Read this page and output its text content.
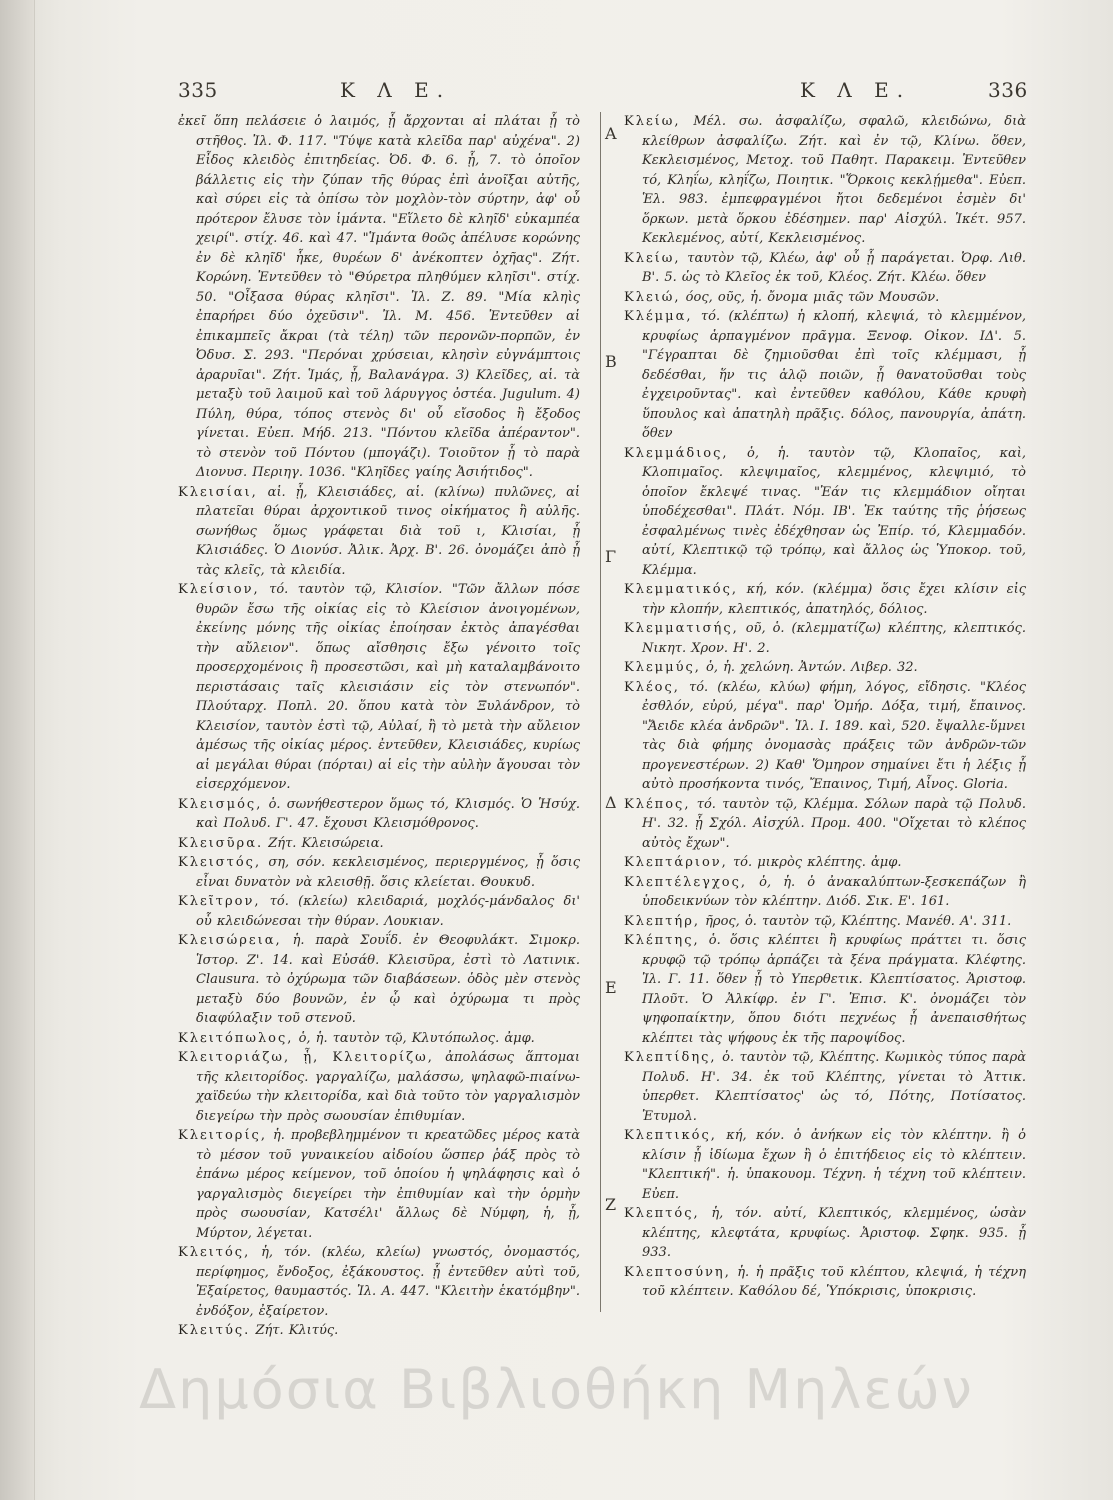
335	Κ Λ Ε.	Κ Λ Ε.	336

ἐκεῖ ὅπη πελάσειε ὁ λαιμός, ᾗ ἄρχονται αἱ πλάται ᾗ τὸ στῆθος. Ἰλ. Φ. 117. "Τύψε κατὰ κλεῖδα παρ' αὐχένα". 2) Εἶδος κλειδὸς ἐπιτηδείας. Ὀδ. Φ. 6. ᾗ, 7. τὸ ὁποῖον βάλλετις εἰς τὴν ζύπαν τῆς θύρας ἐπὶ ἀνοῖξαι αὐτῆς, καὶ σύρει εἰς τὰ ὀπίσω τὸν μοχλὸν-τὸν σύρτην, ἀφ' οὗ πρότερον ἔλυσε τὸν ἱμάντα. "Εἵλετο δὲ κληῖδ' εὐκαμπέα χειρί". στίχ. 46. καὶ 47. "Ἱμάντα θοῶς ἀπέλυσε κορώνης ἐν δὲ κληῖδ' ἧκε, θυρέων δ' ἀνέκοπτεν ὀχῆας". Ζήτ. Κορώνη. Ἐντεῦθεν τὸ "Θύρετρα πληθύμεν κληῖσι". στίχ. 50. "Οἶξασα θύρας κληῖσι". Ἰλ. Ζ. 89. "Μία κληὶς ἐπαρήρει δύο ὀχεῦσιν". Ἰλ. Μ. 456. Ἐντεῦθεν αἱ ἐπικαμπεῖς ἄκραι (τὰ τέλη) τῶν περονῶν-πορπῶν, ἐν Ὀδυσ. Σ. 293. "Περόναι χρύσειαι, κλησὶν εὐγνάμπτοις ἀραρυῖαι". Ζήτ. Ἱμάς, ᾗ, Βαλανάγρα. 3) Κλεῖδες, αἱ. τὰ μεταξὺ τοῦ λαιμοῦ καὶ τοῦ λάρυγγος ὀστέα. Jugulum. 4) Πύλη, θύρα, τόπος στενὸς δι' οὗ εἴσοδος ἢ ἔξοδος γίνεται. Εὐεπ. Μήδ. 213. "Πόντου κλεῖδα ἀπέραντον". τὸ στενὸν τοῦ Πόντου (μπογάζι). Τοιοῦτον ᾗ τὸ παρὰ Διονυσ. Περιηγ. 1036. "Κληῖδες γαίης Ἀσιήτιδος".

Κλεισίαι, αἱ. ᾗ, Κλεισιάδες, αἱ. (κλίνω) πυλῶνες, αἱ πλατεῖαι θύραι ἀρχοντικοῦ τινος οἰκήματος ἢ αὐλῆς. σωνήθως ὅμως γράφεται διὰ τοῦ ι, Κλισίαι, ᾗ Κλισιάδες. Ὁ Διονύσ. Ἀλικ. Ἀρχ. Β'. 26. ὀνομάζει ἀπὸ ᾗ τὰς κλεῖς, τὰ κλειδία.

Κλείσιον, τό. ταυτὸν τῷ, Κλισίον. "Τῶν ἄλλων πόσε θυρῶν ἔσω τῆς οἰκίας εἰς τὸ Κλείσιον ἀνοιγομένων, ἐκείνης μόνης τῆς οἰκίας ἐποίησαν ἐκτὸς ἀπαγέσθαι τὴν αὔλειον". ὅπως αἴσθησις ἔξω γένοιτο τοῖς προσερχομένοις ἢ προσεστῶσι, καὶ μὴ καταλαμβάνοιτο περιστάσαις ταῖς κλεισιάσιν εἰς τὸν στενωπόν". Πλούταρχ. Ποπλ. 20. ὅπου κατὰ τὸν Ξυλάνδρον, τὸ Κλεισίον, ταυτὸν ἐστὶ τῷ, Αὐλαί, ἢ τὸ μετὰ τὴν αὔλειον ἀμέσως τῆς οἰκίας μέρος. ἐντεῦθεν, Κλεισιάδες, κυρίως αἱ μεγάλαι θύραι (πόρται) αἱ εἰς τὴν αὐλὴν ἄγουσαι τὸν εἰσερχόμενον.

Κλεισμός, ὁ. σωνήθεστερον ὅμως τό, Κλισμός. Ὁ Ἡσύχ. καὶ Πολυδ. Γ'. 47. ἔχουσι Κλεισμόθρονος.

Κλεισῦρα. Ζήτ. Κλεισώρεια.

Κλειστός, ση, σόν. κεκλεισμένος, περιεργμένος, ᾗ ὅσις εἶναι δυνατὸν νὰ κλεισθῇ. ὅσις κλείεται. Θουκυδ.

Κλεῖτρον, τό. (κλείω) κλειδαριά, μοχλός-μάνδαλος δι' οὗ κλειδώνεσαι τὴν θύραν. Λουκιαν.

Κλεισώρεια, ἡ. παρὰ Σουΐδ. ἐν Θεοφυλάκτ. Σιμοκρ. Ἱστορ. Ζ'. 14. καὶ Εὐσάθ. Κλεισῦρα, ἐστὶ τὸ Λατινικ. Clausura. τὸ ὀχύρωμα τῶν διαβάσεων. ὁδὸς μὲν στενὸς μεταξὺ δύο βουνῶν, ἐν ᾧ καὶ ὀχύρωμα τι πρὸς διαφύλαξιν τοῦ στενοῦ.

Κλειτόπωλος, ὁ, ἡ. ταυτὸν τῷ, Κλυτόπωλος. ἀμφ.

Κλειτοριάζω, ᾗ, Κλειτορίζω, ἀπολάσως ἅπτομαι τῆς κλειτορίδος. γαργαλίζω, μαλάσσω, ψηλαφῶ-πιαίνω-χαϊδεύω τὴν κλειτορίδα, καὶ διὰ τοῦτο τὸν γαργαλισμὸν διεγείρω τὴν πρὸς σωουσίαν ἐπιθυμίαν.

Κλειτορίς, ἡ. προβεβλημμένον τι κρεατῶδες μέρος κατὰ τὸ μέσον τοῦ γυναικείου αἰδοίου ὥσπερ ῥάξ πρὸς τὸ ἐπάνω μέρος κείμενον, τοῦ ὁποίου ἡ ψηλάφησις καὶ ὁ γαργαλισμὸς διεγείρει τὴν ἐπιθυμίαν καὶ τὴν ὁρμὴν πρὸς σωουσίαν, Κατσέλι' ἄλλως δὲ Νύμφη, ἡ, ᾗ, Μύρτον, λέγεται.

Κλειτός, ἡ, τόν. (κλέω, κλείω) γνωστός, ὀνομαστός, περίφημος, ἔνδοξος, ἐξάκουστος. ᾗ ἐντεῦθεν αὐτὶ τοῦ, Ἐξαίρετος, θαυμαστός. Ἰλ. Α. 447. "Κλειτὴν ἑκατόμβην". ἐνδόξον, ἐξαίρετον.

Κλειτύς. Ζήτ. Κλιτύς.

Α
Β
Γ
Δ
Ε
Ζ

Κλείω, Μέλ. σω. ἀσφαλίζω, σφαλῶ, κλειδώνω, διὰ κλείθρων ἀσφαλίζω. Ζήτ. καὶ ἐν τῷ, Κλίνω. ὅθεν, Κεκλεισμένος, Μετοχ. τοῦ Παθητ. Παρακειμ. Ἐντεῦθεν τό, Κληΐω, κληΐζω, Ποιητικ. "Ὅρκοις κεκλῄμεθα". Εὐεπ. Ἑλ. 983. ἐμπεφραγμένοι ἤτοι δεδεμένοι ἐσμὲν δι' ὅρκων. μετὰ ὅρκου ἐδέσημεν. παρ' Αἰσχύλ. Ἱκέτ. 957. Κεκλεμένος, αὐτί, Κεκλεισμένος.

Κλείω, ταυτὸν τῷ, Κλέω, ἀφ' οὗ ᾗ παράγεται. Ὀρφ. Λιθ. Β'. 5. ὡς τὸ Κλεῖος ἐκ τοῦ, Κλέος. Ζήτ. Κλέω. ὅθεν

Κλειώ, όος, οῦς, ἡ. ὄνομα μιᾶς τῶν Μουσῶν.

Κλέμμα, τό. (κλέπτω) ἡ κλοπή, κλεψιά, τὸ κλεμμένον, κρυφίως ἁρπαγμένον πρᾶγμα. Ξενοφ. Οἰκον. ΙΔ'. 5. "Γέγραπται δὲ ζημιοῦσθαι ἐπὶ τοῖς κλέμμασι, ᾗ δεδέσθαι, ἥν τις ἁλῷ ποιῶν, ᾗ θανατοῦσθαι τοὺς ἐγχειροῦντας". καὶ ἐντεῦθεν καθόλου, Κάθε κρυφὴ ὕπουλος καὶ ἀπατηλὴ πρᾶξις. δόλος, πανουργία, ἀπάτη. ὅθεν

Κλεμμάδιος, ὁ, ἡ. ταυτὸν τῷ, Κλοπαῖος, καὶ, Κλοπιμαῖος. κλεψιμαῖος, κλεμμένος, κλεψιμιό, τὸ ὁποῖον ἔκλεψέ τινας. "Ἐάν τις κλεμμάδιον οἴηται ὑποδέχεσθαι". Πλάτ. Νόμ. ΙΒ'. Ἐκ ταύτης τῆς ῥήσεως ἐσφαλμένως τινὲς ἐδέχθησαν ὡς Ἐπίρ. τό, Κλεμμαδόν. αὐτί, Κλεπτικῷ τῷ τρόπῳ, καὶ ἄλλος ὡς Ὑποκορ. τοῦ, Κλέμμα.

Κλεμματικός, κή, κόν. (κλέμμα) ὅσις ἔχει κλίσιν εἰς τὴν κλοπήν, κλεπτικός, ἀπατηλός, δόλιος.

Κλεμματισής, οῦ, ὁ. (κλεμματίζω) κλέπτης, κλεπτικός. Νικητ. Χρον. Η'. 2.

Κλεμμύς, ὁ, ἡ. χελώνη. Ἀντών. Λιβερ. 32.

Κλέος, τό. (κλέω, κλύω) φήμη, λόγος, εἴδησις. "Κλέος ἐσθλόν, εὐρύ, μέγα". παρ' Ὁμήρ. Δόξα, τιμή, ἔπαινος. "Ἄειδε κλέα ἀνδρῶν". Ἰλ. Ι. 189. καὶ, 520. ἔψαλλε-ὕμνει τὰς διὰ φήμης ὀνομασὰς πράξεις τῶν ἀνδρῶν-τῶν προγενεστέρων. 2) Καθ' Ὅμηρον σημαίνει ἔτι ἡ λέξις ᾗ αὐτὸ προσήκοντα τινός, Ἔπαινος, Τιμή, Αἶνος. Gloria.

Κλέπος, τό. ταυτὸν τῷ, Κλέμμα. Σόλων παρὰ τῷ Πολυδ. Η'. 32. ᾗ Σχόλ. Αἰσχύλ. Προμ. 400. "Οἴχεται τὸ κλέπος αὐτὸς ἔχων".

Κλεπτάριον, τό. μικρὸς κλέπτης. ἀμφ.

Κλεπτέλεγχος, ὁ, ἡ. ὁ ἀνακαλύπτων-ξεσκεπάζων ἢ ὑποδεικνύων τὸν κλέπτην. Διόδ. Σικ. Ε'. 161.

Κλεπτήρ, ῆρος, ὁ. ταυτὸν τῷ, Κλέπτης. Μανέθ. Α'. 311.

Κλέπτης, ὁ. ὅσις κλέπτει ἢ κρυφίως πράττει τι. ὅσις κρυφῷ τῷ τρόπῳ ἁρπάζει τὰ ξένα πράγματα. Κλέφτης. Ἰλ. Γ. 11. ὅθεν ᾗ τὸ Υπερθετικ. Κλεπτίσατος. Ἀριστοφ. Πλοῦτ. Ὁ Ἀλκίφρ. ἐν Γ'. Ἐπισ. Κ'. ὀνομάζει τὸν ψηφοπαίκτην, ὅπου διότι πεχνέως ᾗ ἀνεπαισθήτως κλέπτει τὰς ψήφους ἐκ τῆς παροψίδος.

Κλεπτίδης, ὁ. ταυτὸν τῷ, Κλέπτης. Κωμικὸς τύπος παρὰ Πολυδ. Η'. 34. ἐκ τοῦ Κλέπτης, γίνεται τὸ Ἀττικ. ὑπερθετ. Κλεπτίσατος' ὡς τό, Πότης, Ποτίσατος. Ἐτυμολ.

Κλεπτικός, κή, κόν. ὁ ἀνήκων εἰς τὸν κλέπτην. ἢ ὁ κλίσιν ᾗ ἰδίωμα ἔχων ἢ ὁ ἐπιτήδειος εἰς τὸ κλέπτειν. "Κλεπτική". ἡ. ὑπακουομ. Τέχνη. ἡ τέχνη τοῦ κλέπτειν. Εὐεπ.

Κλεπτός, ἡ, τόν. αὐτί, Κλεπτικός, κλεμμένος, ὡσὰν κλέπτης, κλεφτάτα, κρυφίως. Ἀριστοφ. Σφηκ. 935. ᾗ 933.

Κλεπτοσύνη, ἡ. ἡ πρᾶξις τοῦ κλέπτου, κλεψιά, ἡ τέχνη τοῦ κλέπτειν. Καθόλου δέ, Ὑπόκρισις, ὑποκρισις.

Δημόσια Βιβλιοθήκη Μηλεών
